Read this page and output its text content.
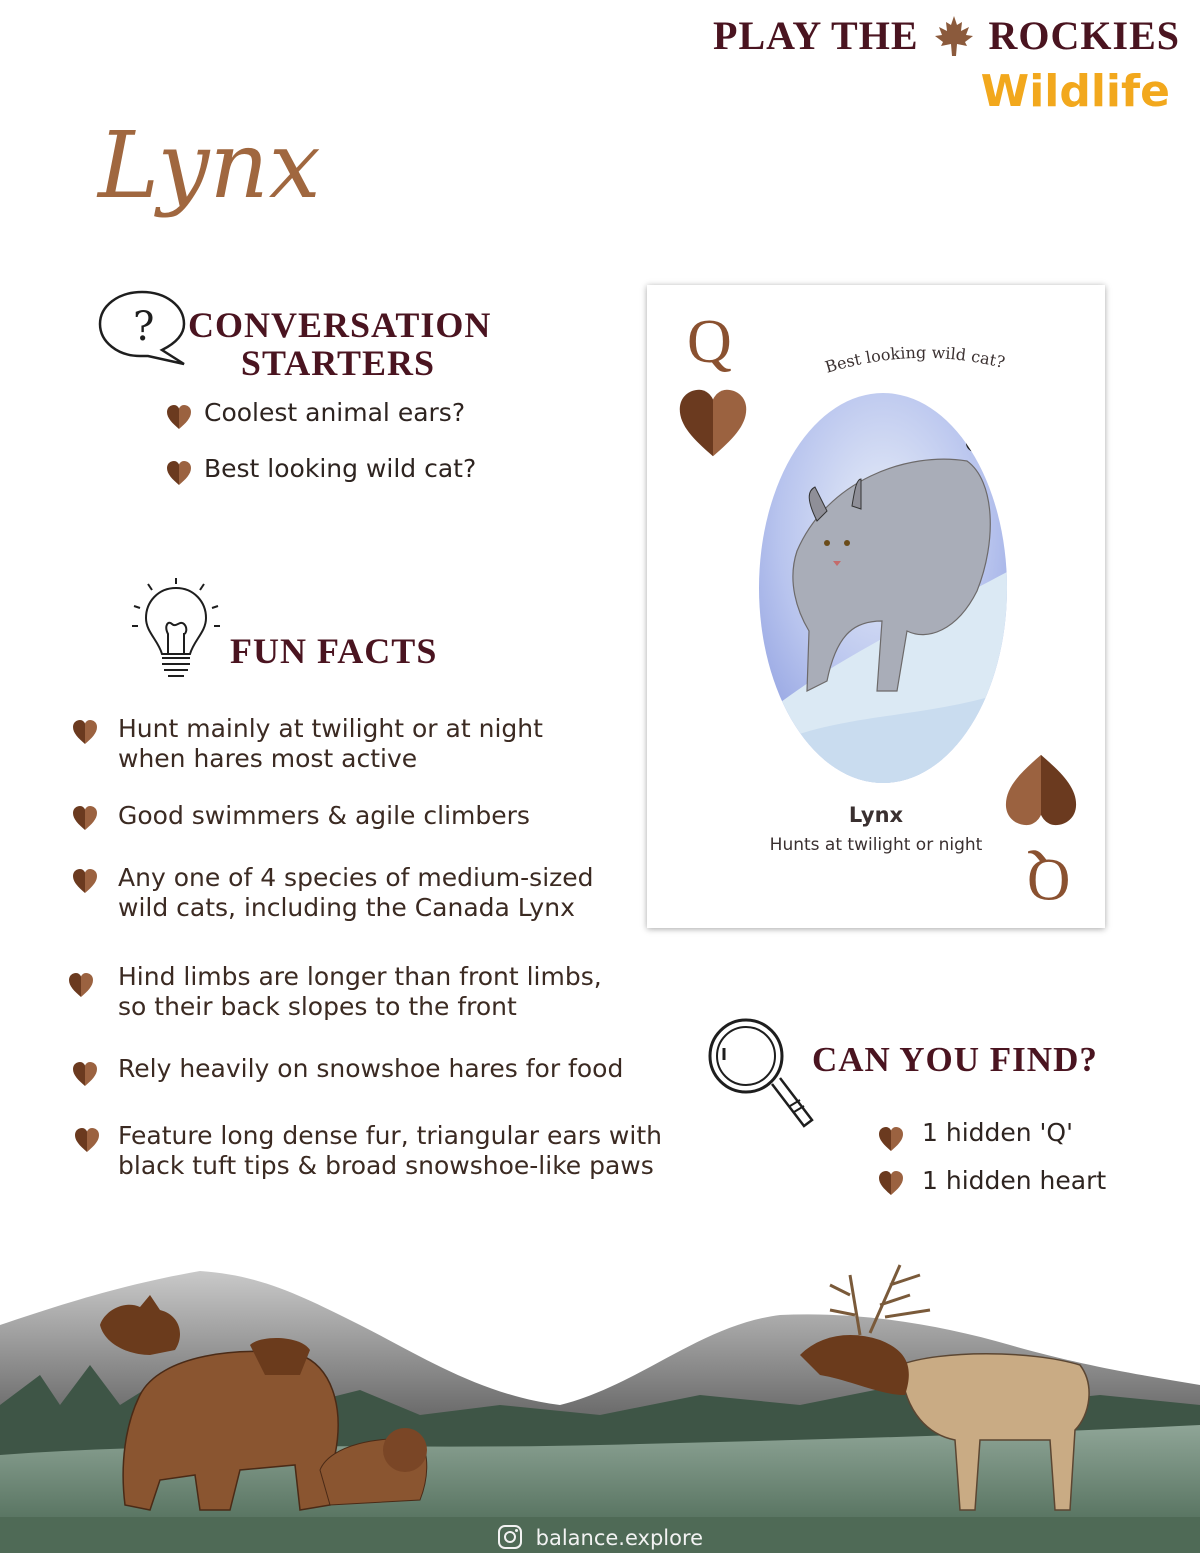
PLAY THE ROCKIES
Wildlife
Lynx
? CONVERSATION
STARTERS
Coolest animal ears?
Best looking wild cat?
FUN FACTS
Hunt mainly at twilight or at night
when hares most active
Good swimmers & agile climbers
Any one of 4 species of medium-sized
wild cats, including the Canada Lynx
Hind limbs are longer than front limbs,
so their back slopes to the front
Rely heavily on snowshoe hares for food
Feature long dense fur, triangular ears with
black tuft tips & broad snowshoe-like paws
Q	Best looking wild cat?
Q
Lynx
Hunts at twilight or night
CAN YOU FIND?
1 hidden 'Q'
1 hidden heart
balance.explore
